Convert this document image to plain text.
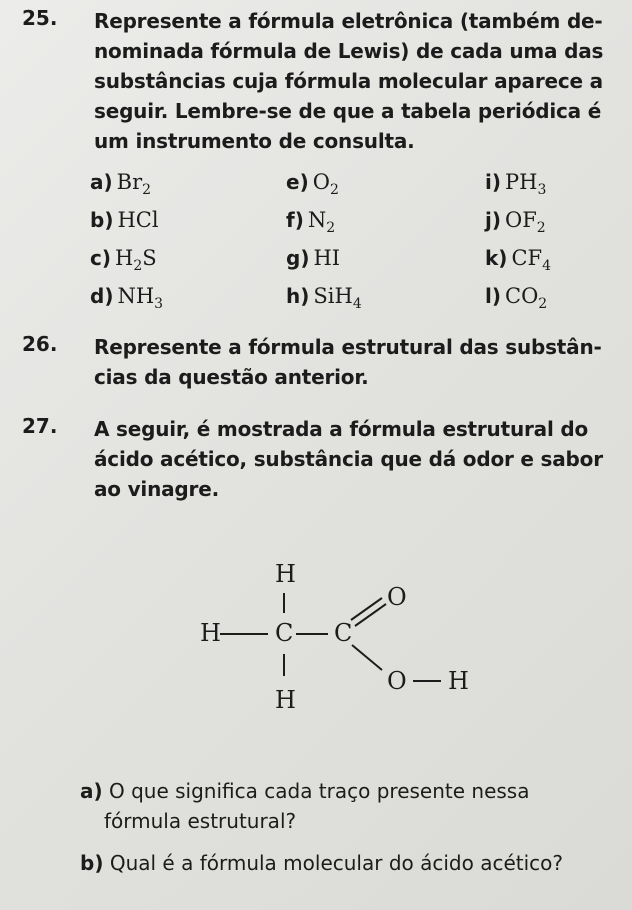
25. Represente a fórmula eletrônica (também de-
nominada fórmula de Lewis) de cada uma das
substâncias cuja fórmula molecular aparece a
seguir. Lembre-se de que a tabela periódica é
um instrumento de consulta.
a) $Br_2$
b) HCl
c) $H_2S$
d) $NH_3$
e) $O_2$
f) $N_2$
g) HI
h) SiH$_4$
i) $PH_3$
j) $OF_2$
k) $CF_4$
l) $CO_2$
26. Represente a fórmula estrutural das substân-
cias da questão anterior.
27. A seguir, é mostrada a fórmula estrutural do
ácido acético, substância que dá odor e sabor
ao vinagre.
H
H C C
O
O H
H
a) O que significa cada traço presente nessa
fórmula estrutural?
b) Qual é a fórmula molecular do ácido acético?
